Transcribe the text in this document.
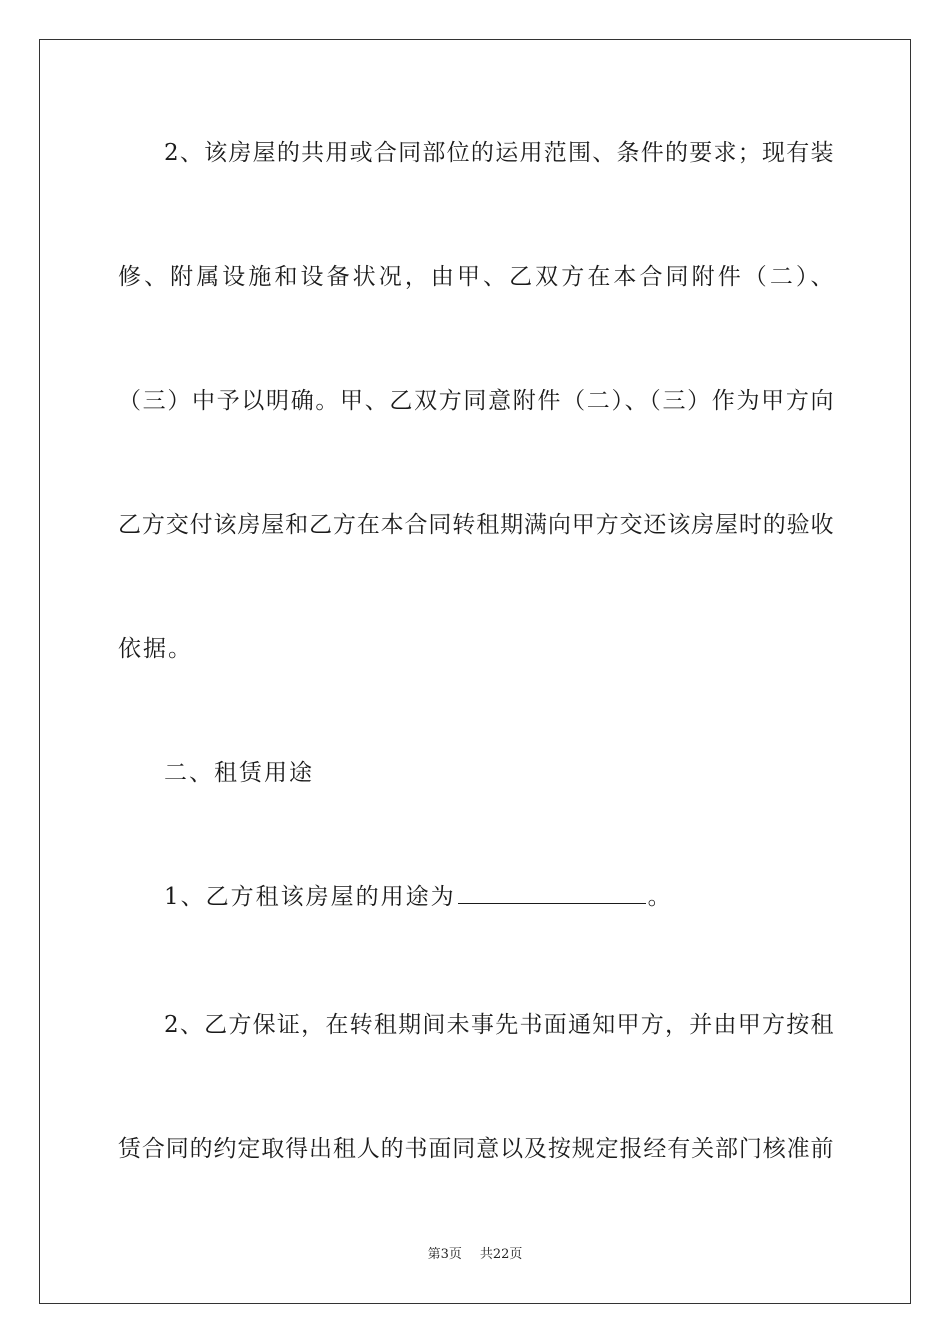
2、该房屋的共用或合同部位的运用范围、条件的要求；现有装
修、附属设施和设备状况，由甲、乙双方在本合同附件（二）、
（三）中予以明确。甲、乙双方同意附件（二）、（三）作为甲方向
乙方交付该房屋和乙方在本合同转租期满向甲方交还该房屋时的验收
依据。
二、租赁用途
1、乙方租该房屋的用途为	。
2、乙方保证，在转租期间未事先书面通知甲方，并由甲方按租
赁合同的约定取得出租人的书面同意以及按规定报经有关部门核准前
第3页 共22页
